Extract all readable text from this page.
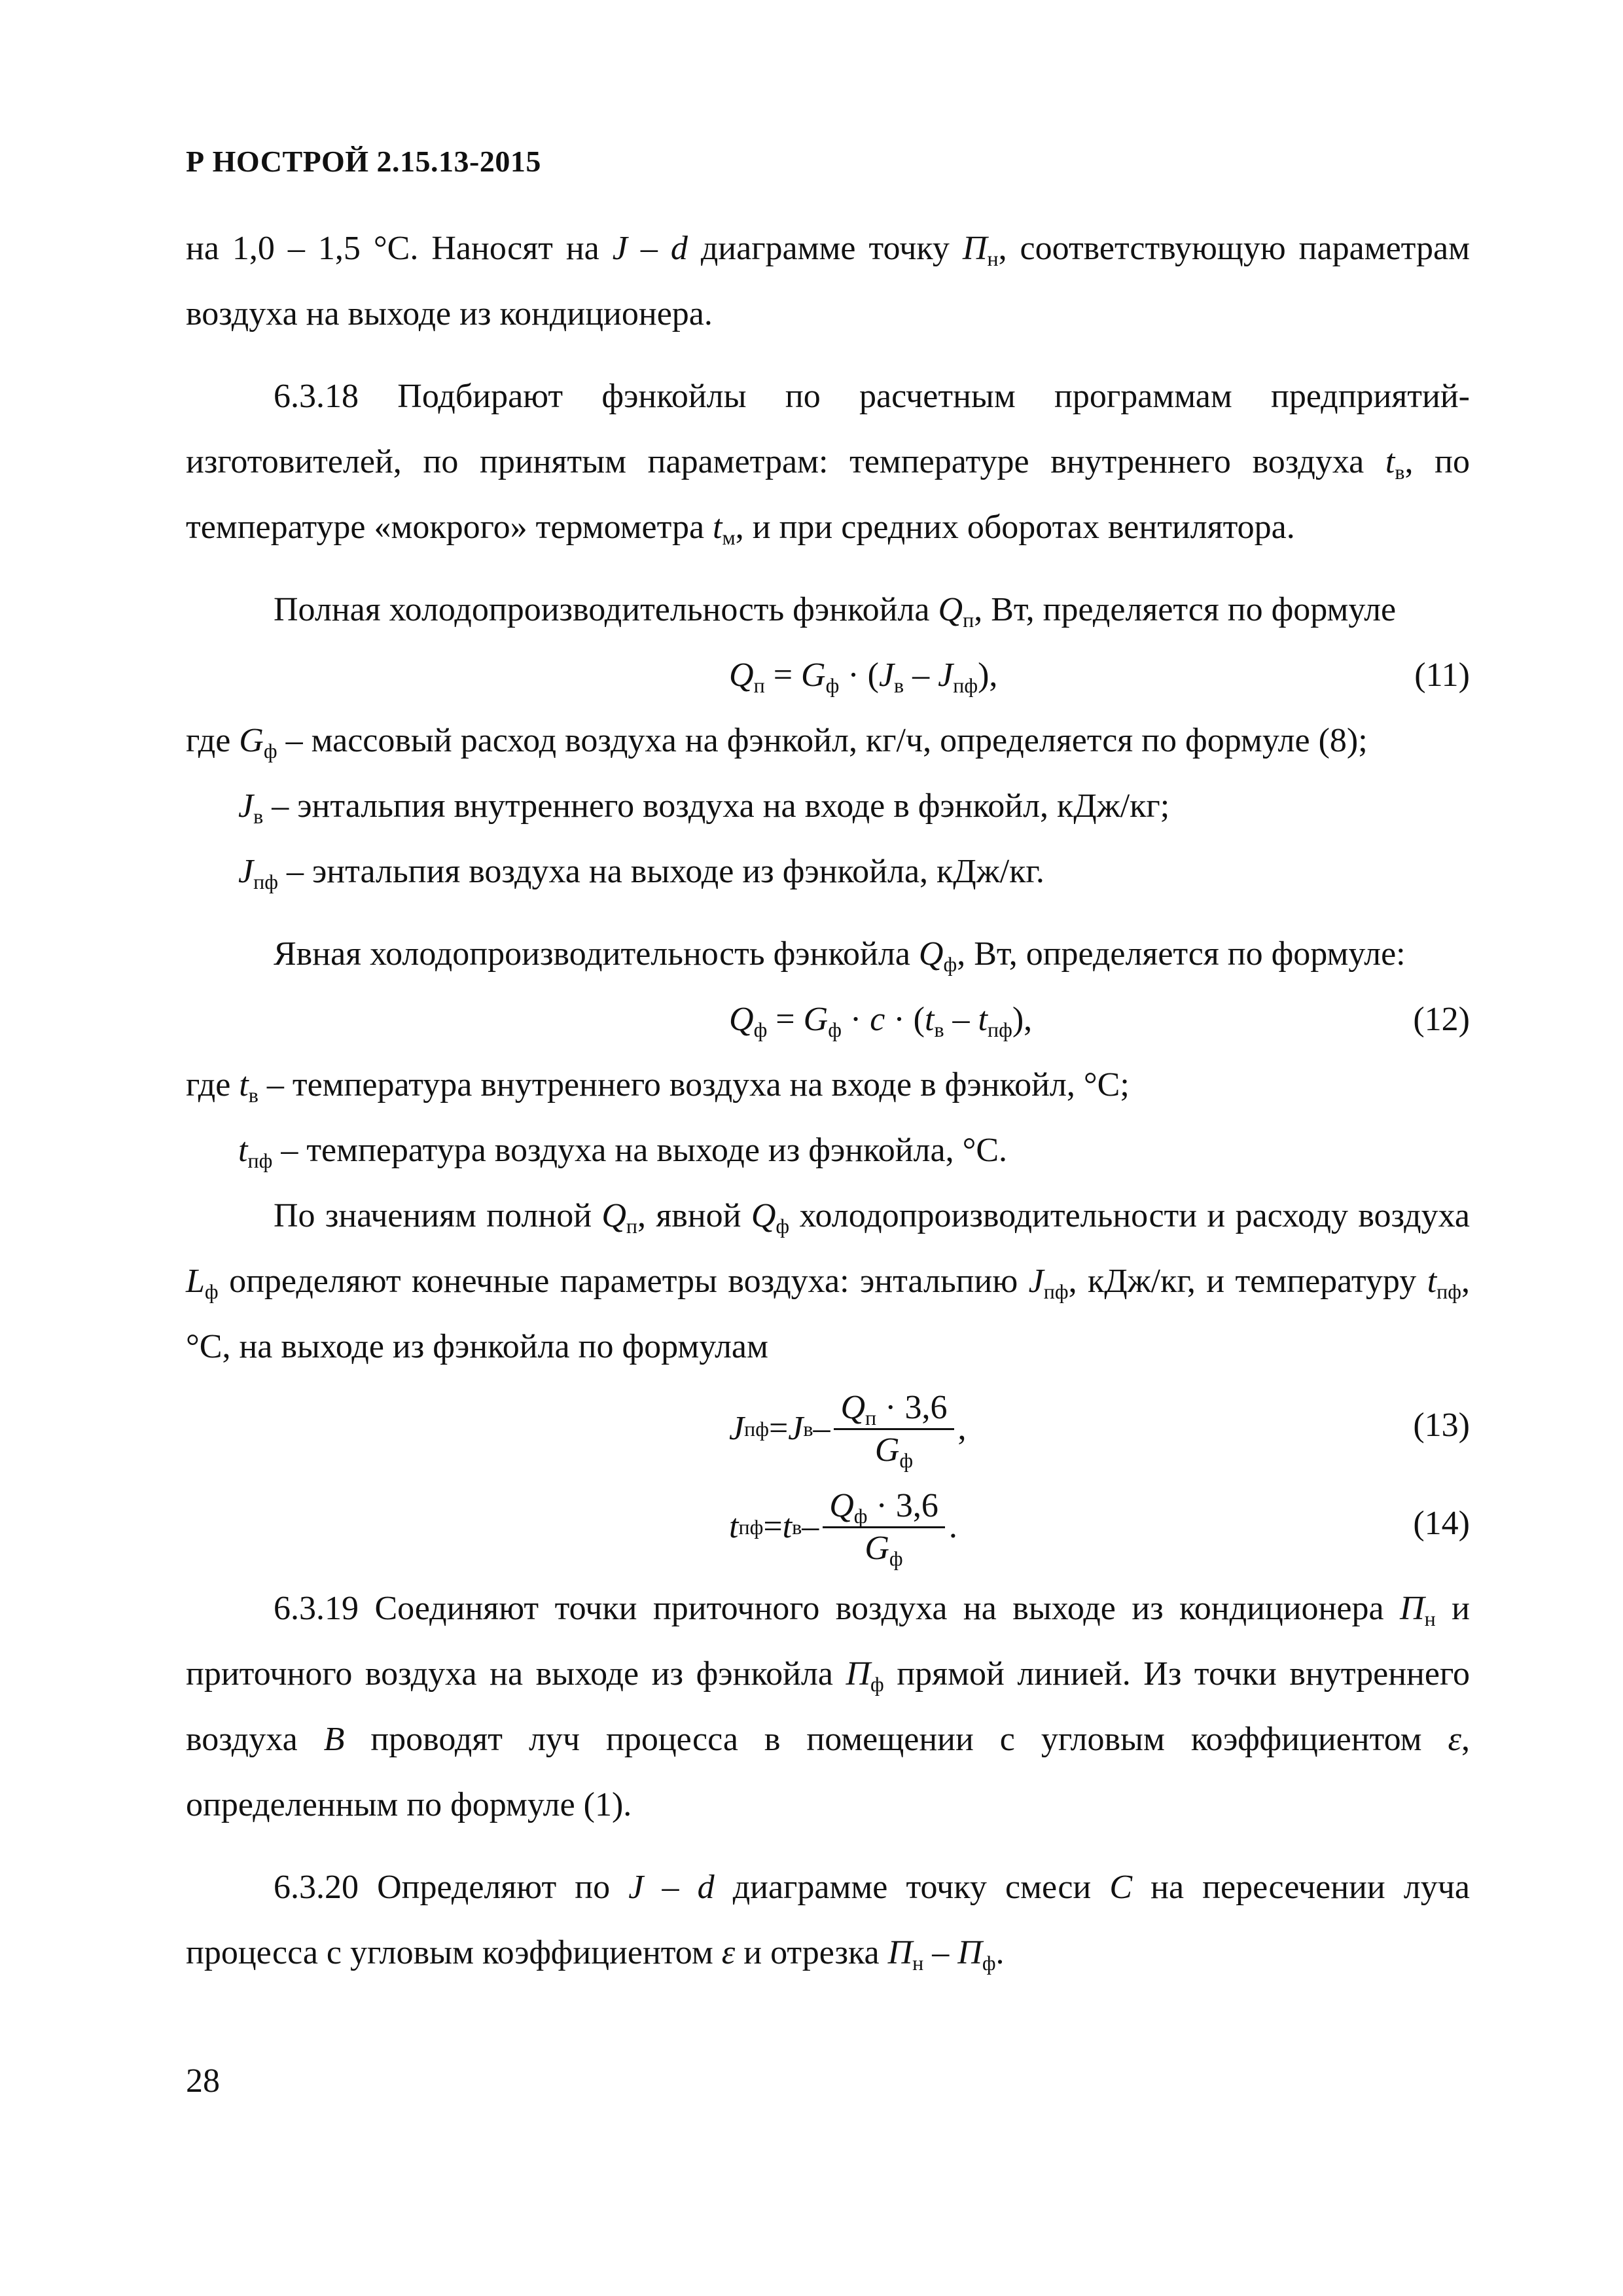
Р НОСТРОЙ 2.15.13-2015

на 1,0 – 1,5 °С. Наносят на J – d диаграмме точку $П_н$, соответствующую параметрам воздуха на выходе из кондиционера.

6.3.18 Подбирают фэнкойлы по расчетным программам предприятий-изготовителей, по принятым параметрам: температуре внутреннего воздуха $t_в$, по температуре «мокрого» термометра $t_м$, и при средних оборотах вентилятора.

Полная холодопроизводительность фэнкойла $Q_п$, Вт, пределяется по формуле

$Q_п = G_ф \cdot (J_в - J_{пф})$,	(11)

где $G_ф$ – массовый расход воздуха на фэнкойл, кг/ч, определяется по формуле (8);

$J_в$ – энтальпия внутреннего воздуха на входе в фэнкойл, кДж/кг;

$J_{пф}$ – энтальпия воздуха на выходе из фэнкойла, кДж/кг.

Явная холодопроизводительность фэнкойла $Q_ф$, Вт, определяется по формуле:

$Q_ф = G_ф \cdot c \cdot (t_в - t_{пф})$,	(12)

где $t_в$ – температура внутреннего воздуха на входе в фэнкойл, °С;

$t_{пф}$ – температура воздуха на выходе из фэнкойла, °С.

По значениям полной $Q_п$, явной $Q_ф$ холодопроизводительности и расходу воздуха $L_ф$ определяют конечные параметры воздуха: энтальпию $J_{пф}$, кДж/кг, и температуру $t_{пф}$, °С, на выходе из фэнкойла по формулам

J пф = J в – $\frac{Q_п \cdot 3,6}{G_ф}$ ,	(13)
t пф = t в – $\frac{Q_ф \cdot 3,6}{G_ф}$ .	(14)

6.3.19 Соединяют точки приточного воздуха на выходе из кондиционера $П_н$ и приточного воздуха на выходе из фэнкойла $П_ф$ прямой линией. Из точки внутреннего воздуха В проводят луч процесса в помещении с угловым коэффициентом ε, определенным по формуле (1).

6.3.20 Определяют по J – d диаграмме точку смеси С на пересечении луча процесса с угловым коэффициентом ε и отрезка $П_н - П_ф$.

28
